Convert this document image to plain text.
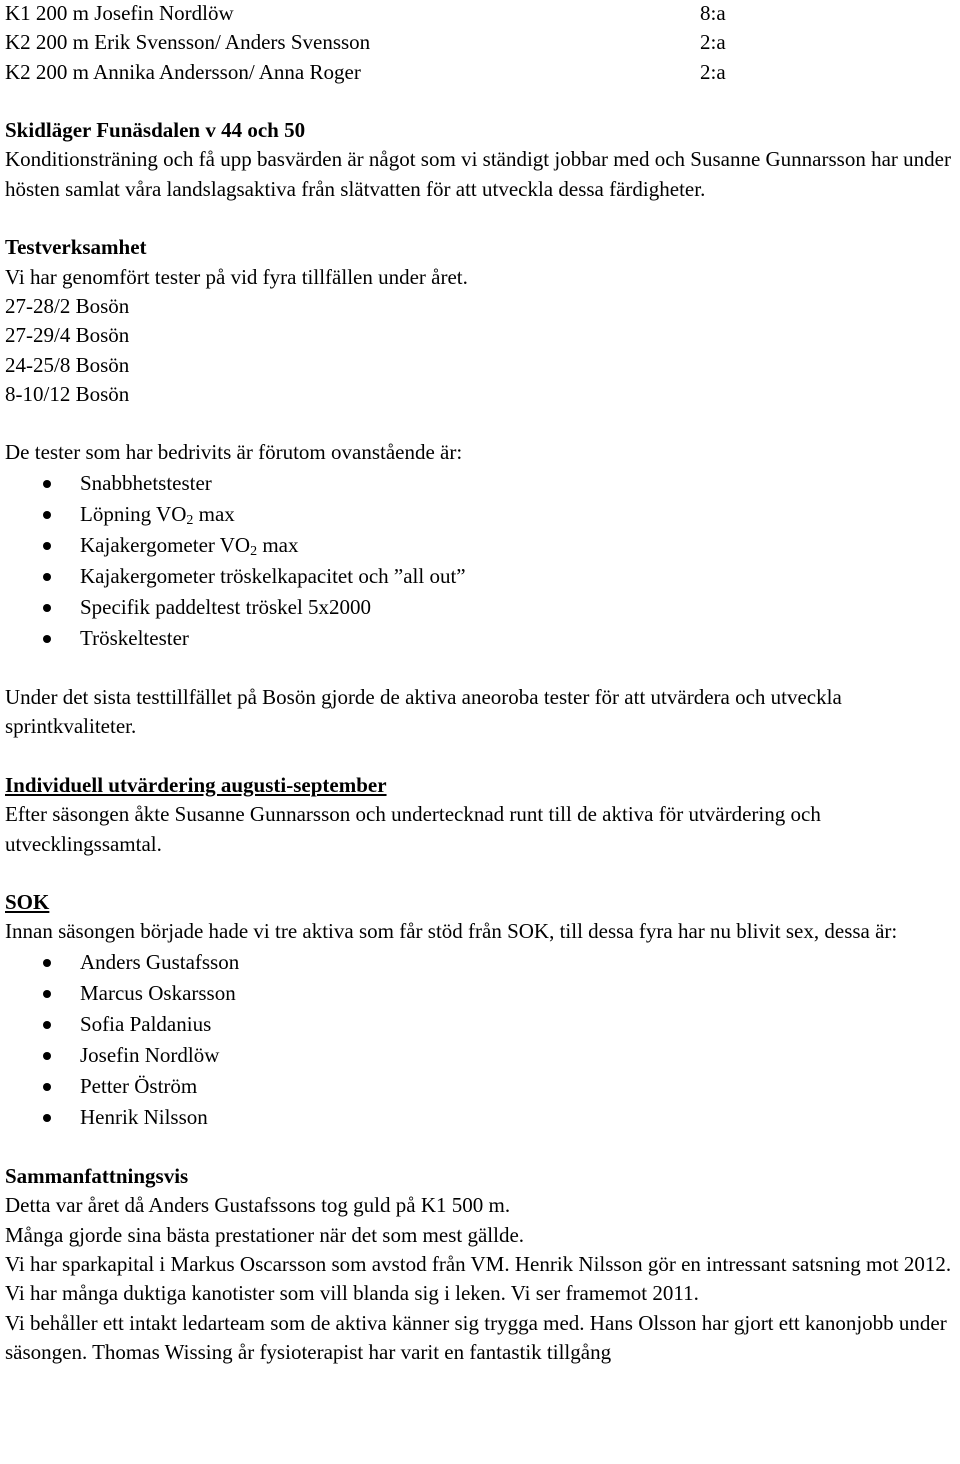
K1 200 m Josefin Nordlöw	8:a
K2 200 m Erik Svensson/ Anders Svensson	2:a
K2 200 m Annika Andersson/ Anna Roger	2:a
Skidläger Funäsdalen v 44 och 50

Konditionsträning och få upp basvärden är något som vi ständigt jobbar med och Susanne Gunnarsson har under hösten samlat våra landslagsaktiva från slätvatten för att utveckla dessa färdigheter.

Testverksamhet

Vi har genomfört tester på vid fyra tillfällen under året.

27-28/2 Bosön
27-29/4 Bosön
24-25/8 Bosön
8-10/12 Bosön

De tester som har bedrivits är förutom ovanstående är:

Snabbhetstester
Löpning $VO_2$ max
Kajakergometer $VO_2$ max
Kajakergometer tröskelkapacitet och ”all out”
Specifik paddeltest tröskel 5x2000
Tröskeltester

Under det sista testtillfället på Bosön gjorde de aktiva aneoroba tester för att utvärdera och utveckla sprintkvaliteter.

Individuell utvärdering augusti-september

Efter säsongen åkte Susanne Gunnarsson och undertecknad runt till de aktiva för utvärdering och utvecklingssamtal.

SOK

Innan säsongen började hade vi tre aktiva som får stöd från SOK, till dessa fyra har nu blivit sex, dessa är:

Anders Gustafsson
Marcus Oskarsson
Sofia Paldanius
Josefin Nordlöw
Petter Öström
Henrik Nilsson
Sammanfattningsvis

Detta var året då Anders Gustafssons tog guld på K1 500 m.

Många gjorde sina bästa prestationer när det som mest gällde.

Vi har sparkapital i Markus Oscarsson som avstod från VM. Henrik Nilsson gör en intressant satsning mot 2012. Vi har många duktiga kanotister som vill blanda sig i leken. Vi ser framemot 2011.

Vi behåller ett intakt ledarteam som de aktiva känner sig trygga med. Hans Olsson har gjort ett kanonjobb under säsongen. Thomas Wissing år fysioterapist har varit en fantastik tillgång
